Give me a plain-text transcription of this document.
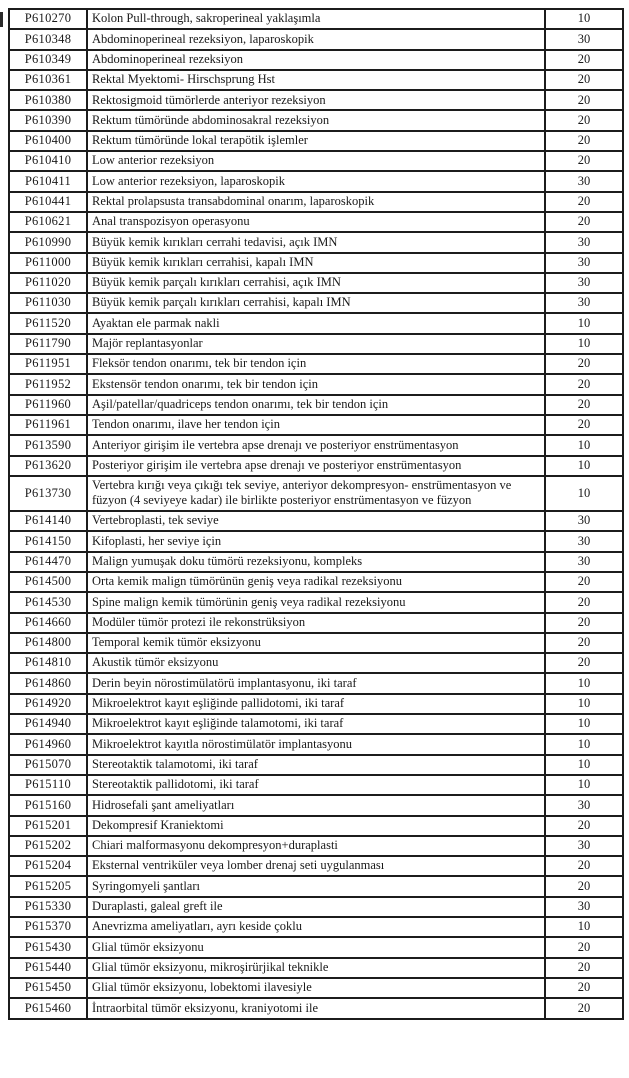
P610270	Kolon Pull-through, sakroperineal yaklaşımla	10
P610348	Abdominoperineal rezeksiyon, laparoskopik	30
P610349	Abdominoperineal rezeksiyon	20
P610361	Rektal Myektomi- Hirschsprung Hst	20
P610380	Rektosigmoid tümörlerde anteriyor rezeksiyon	20
P610390	Rektum tümöründe abdominosakral rezeksiyon	20
P610400	Rektum tümöründe lokal terapötik işlemler	20
P610410	Low anterior rezeksiyon	20
P610411	Low anterior rezeksiyon, laparoskopik	30
P610441	Rektal prolapsusta transabdominal onarım, laparoskopik	20
P610621	Anal transpozisyon operasyonu	20
P610990	Büyük kemik kırıkları cerrahi tedavisi, açık IMN	30
P611000	Büyük kemik kırıkları cerrahisi, kapalı IMN	30
P611020	Büyük kemik parçalı kırıkları cerrahisi, açık IMN	30
P611030	Büyük kemik parçalı kırıkları cerrahisi, kapalı IMN	30
P611520	Ayaktan ele parmak nakli	10
P611790	Majör replantasyonlar	10
P611951	Fleksör tendon onarımı, tek bir tendon için	20
P611952	Ekstensör tendon onarımı, tek bir tendon için	20
P611960	Aşil/patellar/quadriceps tendon onarımı, tek bir tendon için	20
P611961	Tendon onarımı, ilave her tendon için	20
P613590	Anteriyor girişim ile vertebra apse drenajı ve posteriyor enstrümentasyon	10
P613620	Posteriyor girişim ile vertebra apse drenajı ve posteriyor enstrümentasyon	10
P613730	Vertebra kırığı veya çıkığı tek seviye, anteriyor dekompresyon- enstrümentasyon ve füzyon (4 seviyeye kadar) ile birlikte posteriyor enstrümentasyon ve füzyon	10
P614140	Vertebroplasti, tek seviye	30
P614150	Kifoplasti, her seviye için	30
P614470	Malign yumuşak doku tümörü rezeksiyonu, kompleks	30
P614500	Orta kemik malign tümörünün geniş veya radikal rezeksiyonu	20
P614530	Spine malign kemik tümörünin geniş veya radikal rezeksiyonu	20
P614660	Modüler tümör protezi ile rekonstrüksiyon	20
P614800	Temporal kemik tümör eksizyonu	20
P614810	Akustik tümör eksizyonu	20
P614860	Derin beyin nörostimülatörü implantasyonu, iki taraf	10
P614920	Mikroelektrot kayıt eşliğinde pallidotomi, iki taraf	10
P614940	Mikroelektrot kayıt eşliğinde talamotomi, iki taraf	10
P614960	Mikroelektrot kayıtla nörostimülatör implantasyonu	10
P615070	Stereotaktik talamotomi, iki taraf	10
P615110	Stereotaktik pallidotomi, iki taraf	10
P615160	Hidrosefali şant ameliyatları	30
P615201	Dekompresif Kraniektomi	20
P615202	Chiari malformasyonu dekompresyon+duraplasti	30
P615204	Eksternal ventriküler veya lomber drenaj seti uygulanması	20
P615205	Syringomyeli şantları	20
P615330	Duraplasti, galeal greft ile	30
P615370	Anevrizma ameliyatları, ayrı keside çoklu	10
P615430	Glial tümör eksizyonu	20
P615440	Glial tümör eksizyonu, mikroşirürjikal teknikle	20
P615450	Glial tümör eksizyonu, lobektomi ilavesiyle	20
P615460	İntraorbital tümör eksizyonu, kraniyotomi ile	20
